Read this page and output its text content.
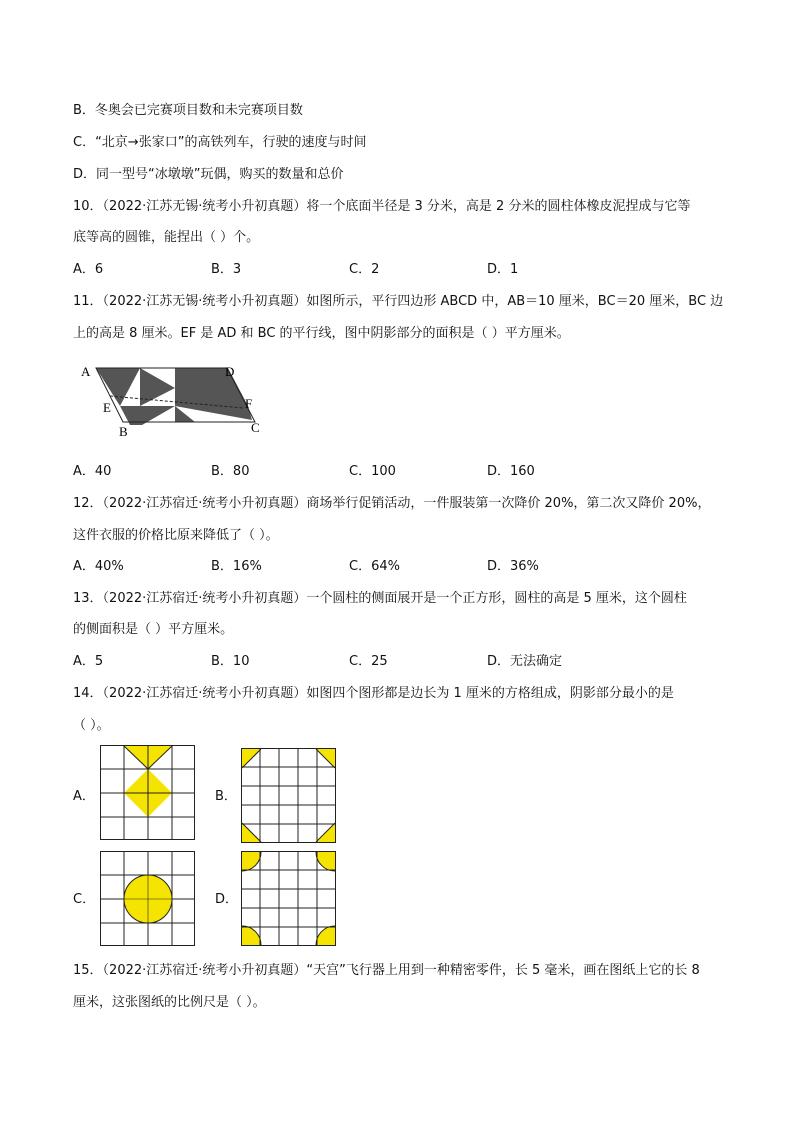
B．冬奥会已完赛项目数和未完赛项目数
C．“北京→张家口”的高铁列车，行驶的速度与时间
D．同一型号“冰墩墩”玩偶，购买的数量和总价
10．（2022·江苏无锡·统考小升初真题）将一个底面半径是 3 分米，高是 2 分米的圆柱体橡皮泥捏成与它等
底等高的圆锥，能捏出（ ）个。
A．6	B．3	C．2	D．1
11．（2022·江苏无锡·统考小升初真题）如图所示，平行四边形 ABCD 中，AB＝10 厘米，BC＝20 厘米，BC 边
上的高是 8 厘米。EF 是 AD 和 BC 的平行线，图中阴影部分的面积是（ ）平方厘米。
A	D
E	F
B	C
A．40	B．80	C．100	D．160
12．（2022·江苏宿迁·统考小升初真题）商场举行促销活动，一件服装第一次降价 20%，第二次又降价 20%，
这件衣服的价格比原来降低了（ ）。
A．40%	B．16%	C．64%	D．36%
13．（2022·江苏宿迁·统考小升初真题）一个圆柱的侧面展开是一个正方形，圆柱的高是 5 厘米，这个圆柱
的侧面积是（ ）平方厘米。
A．5	B．10	C．25	D．无法确定
14．（2022·江苏宿迁·统考小升初真题）如图四个图形都是边长为 1 厘米的方格组成，阴影部分最小的是
（ ）。
A．	B．
C．	D．
15．（2022·江苏宿迁·统考小升初真题）“天宫”飞行器上用到一种精密零件，长 5 毫米，画在图纸上它的长 8
厘米，这张图纸的比例尺是（ ）。
